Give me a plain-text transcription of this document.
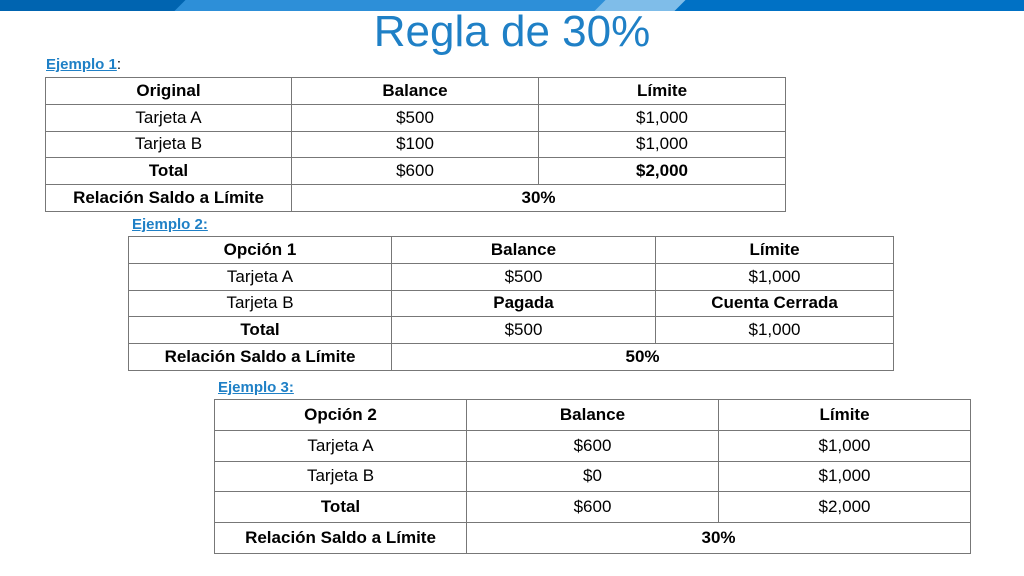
Regla de 30%
Ejemplo 1:
Original	Balance	Límite
Tarjeta A	$500	$1,000
Tarjeta B	$100	$1,000
Total	$600	$2,000
Relación Saldo a Límite	30%	
Ejemplo 2:
Opción 1	Balance	Límite
Tarjeta A	$500	$1,000
Tarjeta B	Pagada	Cuenta Cerrada
Total	$500	$1,000
Relación Saldo a Límite	50%	
Ejemplo 3:
Opción 2	Balance	Límite
Tarjeta A	$600	$1,000
Tarjeta B	$0	$1,000
Total	$600	$2,000
Relación Saldo a Límite	30%	
